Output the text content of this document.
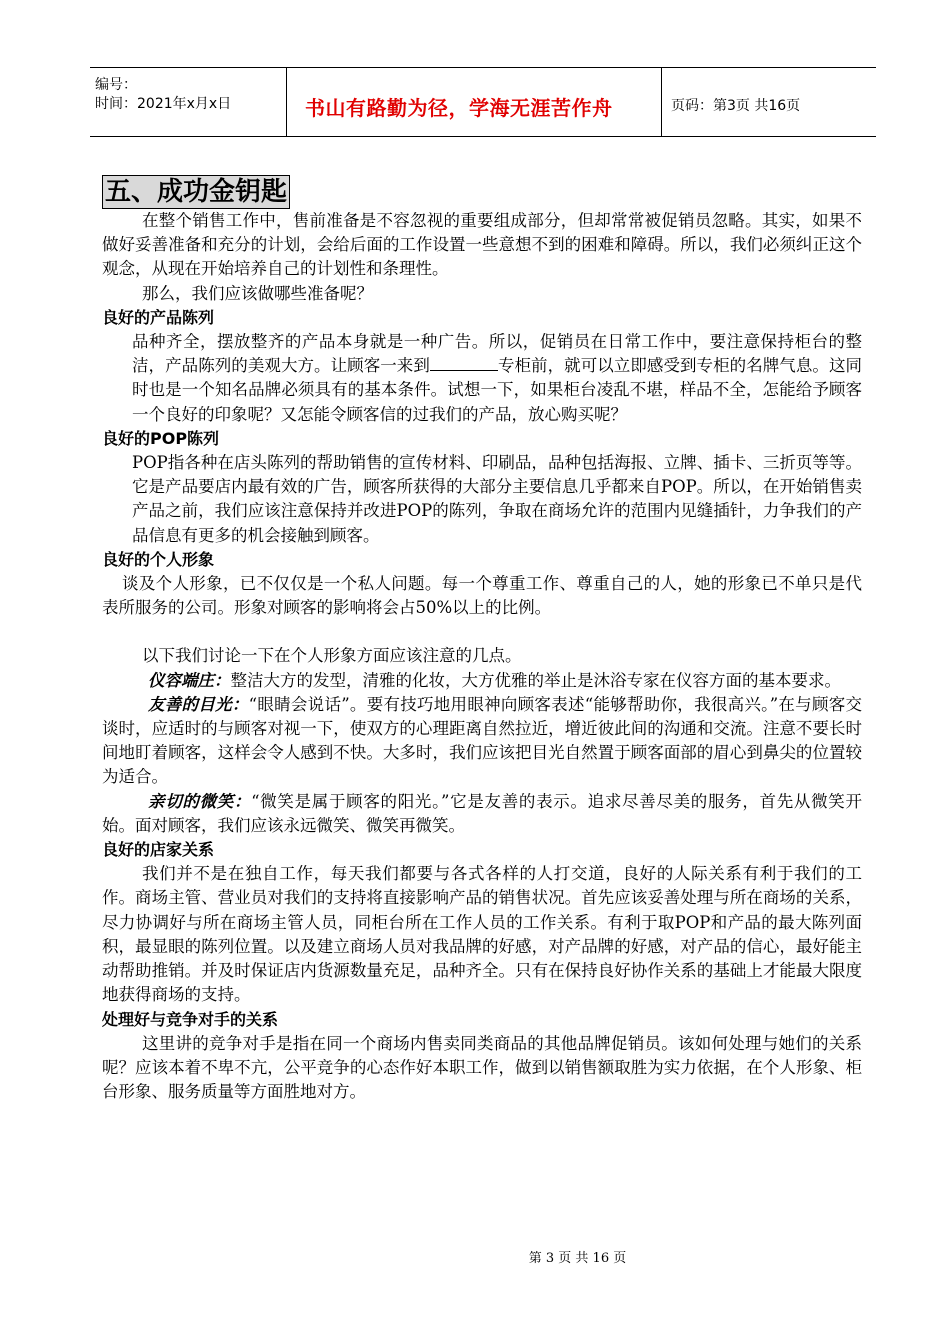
编号：
时间：2021年x月x日	书山有路勤为径，学海无涯苦作舟	页码：第3页 共16页
五、成功金钥匙

在整个销售工作中，售前准备是不容忽视的重要组成部分，但却常常被促销员忽略。其实，如果不做好妥善准备和充分的计划，会给后面的工作设置一些意想不到的困难和障碍。所以，我们必须纠正这个观念，从现在开始培养自己的计划性和条理性。

那么，我们应该做哪些准备呢？

良好的产品陈列

品种齐全，摆放整齐的产品本身就是一种广告。所以，促销员在日常工作中，要注意保持柜台的整洁，产品陈列的美观大方。让顾客一来到	专柜前，就可以立即感受到专柜的名牌气息。这同时也是一个知名品牌必须具有的基本条件。试想一下，如果柜台凌乱不堪，样品不全，怎能给予顾客一个良好的印象呢？又怎能令顾客信的过我们的产品，放心购买呢？

良好的POP陈列

POP指各种在店头陈列的帮助销售的宣传材料、印刷品，品种包括海报、立牌、插卡、三折页等等。它是产品要店内最有效的广告，顾客所获得的大部分主要信息几乎都来自POP。所以，在开始销售卖产品之前，我们应该注意保持并改进POP的陈列，争取在商场允许的范围内见缝插针，力争我们的产品信息有更多的机会接触到顾客。

良好的个人形象

谈及个人形象，已不仅仅是一个私人问题。每一个尊重工作、尊重自己的人，她的形象已不单只是代表所服务的公司。形象对顾客的影响将会占50%以上的比例。

以下我们讨论一下在个人形象方面应该注意的几点。

仪容端庄：整洁大方的发型，清雅的化妆，大方优雅的举止是沐浴专家在仪容方面的基本要求。

友善的目光：“眼睛会说话”。要有技巧地用眼神向顾客表述“能够帮助你，我很高兴。”在与顾客交谈时，应适时的与顾客对视一下，使双方的心理距离自然拉近，增近彼此间的沟通和交流。注意不要长时间地盯着顾客，这样会令人感到不快。大多时，我们应该把目光自然置于顾客面部的眉心到鼻尖的位置较为适合。

亲切的微笑：“微笑是属于顾客的阳光。”它是友善的表示。追求尽善尽美的服务，首先从微笑开始。面对顾客，我们应该永远微笑、微笑再微笑。

良好的店家关系

我们并不是在独自工作，每天我们都要与各式各样的人打交道，良好的人际关系有利于我们的工作。商场主管、营业员对我们的支持将直接影响产品的销售状况。首先应该妥善处理与所在商场的关系，尽力协调好与所在商场主管人员，同柜台所在工作人员的工作关系。有利于取POP和产品的最大陈列面积，最显眼的陈列位置。以及建立商场人员对我品牌的好感，对产品牌的好感，对产品的信心，最好能主动帮助推销。并及时保证店内货源数量充足，品种齐全。只有在保持良好协作关系的基础上才能最大限度地获得商场的支持。

处理好与竞争对手的关系

这里讲的竞争对手是指在同一个商场内售卖同类商品的其他品牌促销员。该如何处理与她们的关系呢？应该本着不卑不亢，公平竞争的心态作好本职工作，做到以销售额取胜为实力依据，在个人形象、柜台形象、服务质量等方面胜地对方。

第 3 页 共 16 页
